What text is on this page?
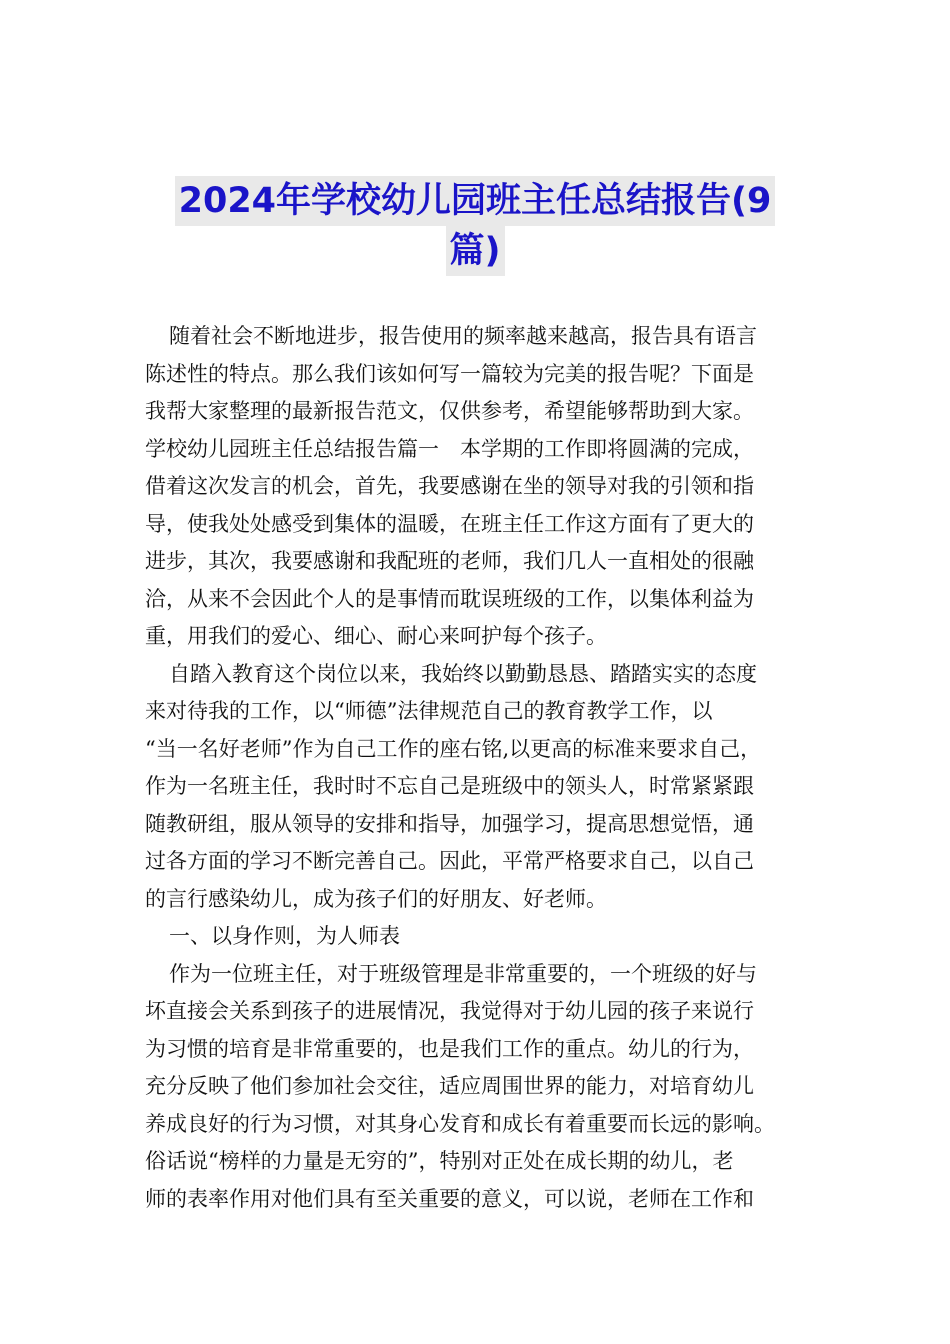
2024年学校幼儿园班主任总结报告(9
篇)
随着社会不断地进步，报告使用的频率越来越高，报告具有语言
陈述性的特点。那么我们该如何写一篇较为完美的报告呢？下面是
我帮大家整理的最新报告范文，仅供参考，希望能够帮助到大家。
学校幼儿园班主任总结报告篇一　本学期的工作即将圆满的完成，
借着这次发言的机会，首先，我要感谢在坐的领导对我的引领和指
导，使我处处感受到集体的温暖，在班主任工作这方面有了更大的
进步，其次，我要感谢和我配班的老师，我们几人一直相处的很融
洽，从来不会因此个人的是事情而耽误班级的工作，以集体利益为
重，用我们的爱心、细心、耐心来呵护每个孩子。
自踏入教育这个岗位以来，我始终以勤勤恳恳、踏踏实实的态度
来对待我的工作，以“师德”法律规范自己的教育教学工作，以
“当一名好老师”作为自己工作的座右铭,以更高的标准来要求自己，
作为一名班主任，我时时不忘自己是班级中的领头人，时常紧紧跟
随教研组，服从领导的安排和指导，加强学习，提高思想觉悟，通
过各方面的学习不断完善自己。因此，平常严格要求自己，以自己
的言行感染幼儿，成为孩子们的好朋友、好老师。
一、以身作则，为人师表
作为一位班主任，对于班级管理是非常重要的，一个班级的好与
坏直接会关系到孩子的进展情况，我觉得对于幼儿园的孩子来说行
为习惯的培育是非常重要的，也是我们工作的重点。幼儿的行为，
充分反映了他们参加社会交往，适应周围世界的能力，对培育幼儿
养成良好的行为习惯，对其身心发育和成长有着重要而长远的影响。
俗话说“榜样的力量是无穷的”，特别对正处在成长期的幼儿，老
师的表率作用对他们具有至关重要的意义，可以说，老师在工作和
